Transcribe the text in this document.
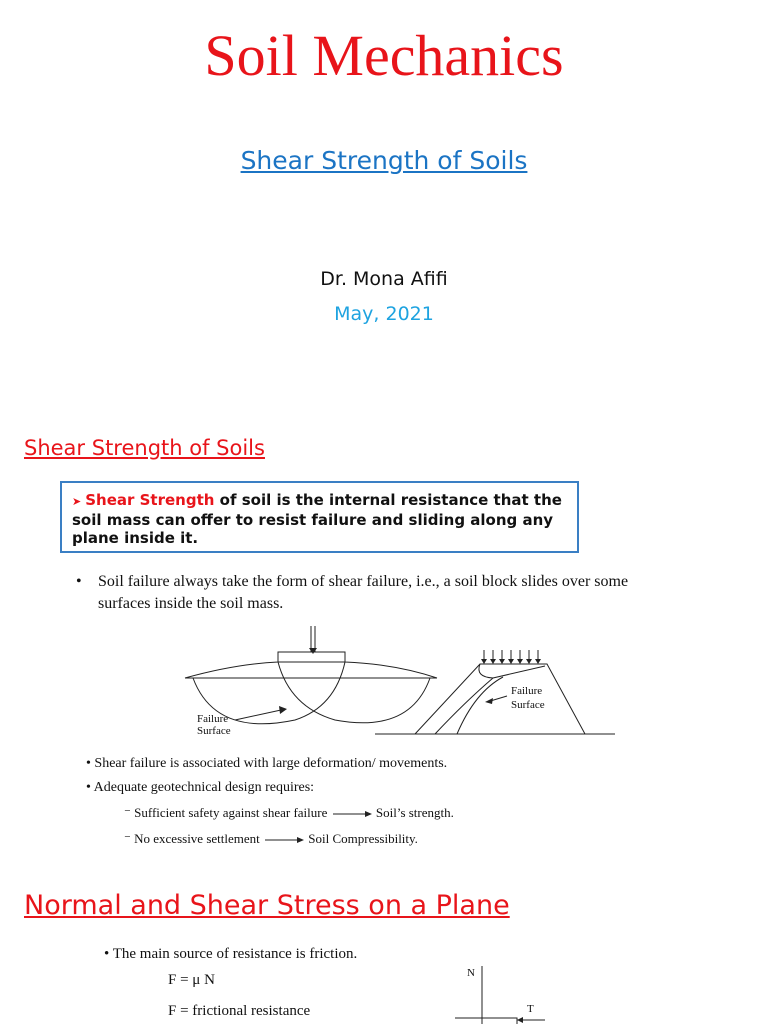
Soil Mechanics
Shear Strength of Soils
Dr. Mona Afifi
May, 2021
Shear Strength of Soils
➤ Shear Strength of soil is the internal resistance that the soil mass can offer to resist failure and sliding along any plane inside it.
• Soil failure always take the form of shear failure, i.e., a soil block slides over some surfaces inside the soil mass.
Failure
Surface
Failure
Surface
• Shear failure is associated with large deformation/ movements.
• Adequate geotechnical design requires:
⁻ Sufficient safety against shear failure	Soil’s strength.
⁻ No excessive settlement	Soil Compressibility.
Normal and Shear Stress on a Plane
• The main source of resistance is friction.
F = μ N
F = frictional resistance
N
T
